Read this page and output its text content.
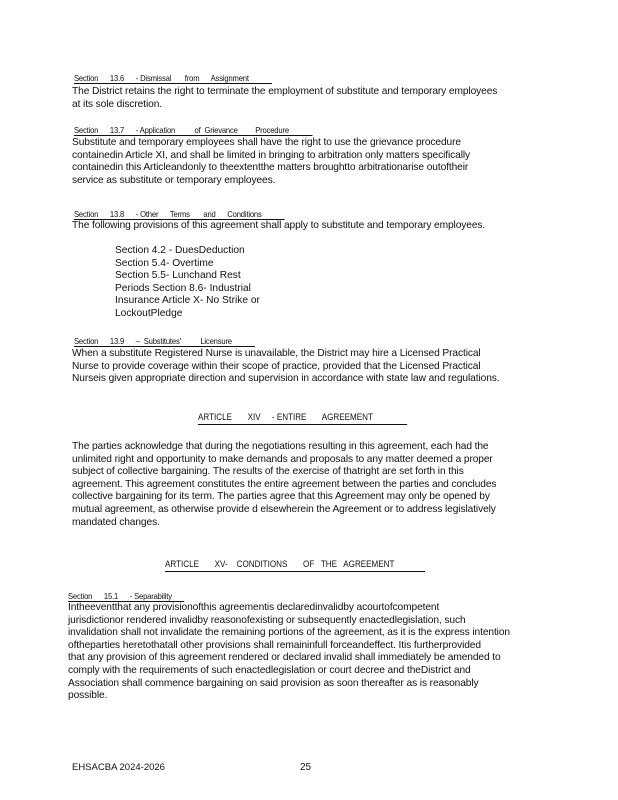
Section      13.6      - Dismissal       from      Assignment

The District retains the right to terminate the employment of substitute and temporary employees

at its sole discretion.

Section      13.7      - Application          of  Grievance         Procedure

Substitute and temporary employees shall have the right to use the grievance procedure

containedin Article XI, and shall be limited in bringing to arbitration only matters specifically

containedin this Articleandonly to theextentthe matters broughtto arbitrationarise outoftheir

service as substitute or temporary employees.

Section      13.8      - Other      Terms       and      Conditions

The following provisions of this agreement shall apply to substitute and temporary employees.

Section 4.2 - DuesDeduction
Section 5.4- Overtime
Section 5.5- Lunchand Rest
Periods Section 8.6- Industrial
Insurance Article X- No Strike or
LockoutPledge
Section      13.9      –  Substitutes'          Licensure

When a substitute Registered Nurse is unavailable, the District may hire a Licensed Practical

Nurse to provide coverage within their scope of practice, provided that the Licensed Practical

Nurseis given appropriate direction and supervision in accordance with state law and regulations.

ARTICLE       XIV     - ENTIRE       AGREEMENT

The parties acknowledge that during the negotiations resulting in this agreement, each had the

unlimited right and opportunity to make demands and proposals to any matter deemed a proper

subject of collective bargaining. The results of the exercise of thatright are set forth in this

agreement. This agreement constitutes the entire agreement between the parties and concludes

collective bargaining for its term. The parties agree that this Agreement may only be opened by

mutual agreement, as otherwise provide d elsewherein the Agreement or to address legislatively

mandated changes.

ARTICLE       XV-    CONDITIONS       OF   THE   AGREEMENT
Section      15.1      - Separability

Intheeventthat any provisionofthis agreementis declaredinvalidby acourtofcompetent

jurisdictionor rendered invalidby reasonofexisting or subsequently enactedlegislation, such

invalidation shall not invalidate the remaining portions of the agreement, as it is the express intention

oftheparties heretothatall other provisions shall remaininfull forceandeffect. Itis furtherprovided

that any provision of this agreement rendered or declared invalid shall immediately be amended to

comply with the requirements of such enactedlegislation or court decree and theDistrict and

Association shall commence bargaining on said provision as soon thereafter as is reasonably

possible.

EHSACBA 2024-2026	25
